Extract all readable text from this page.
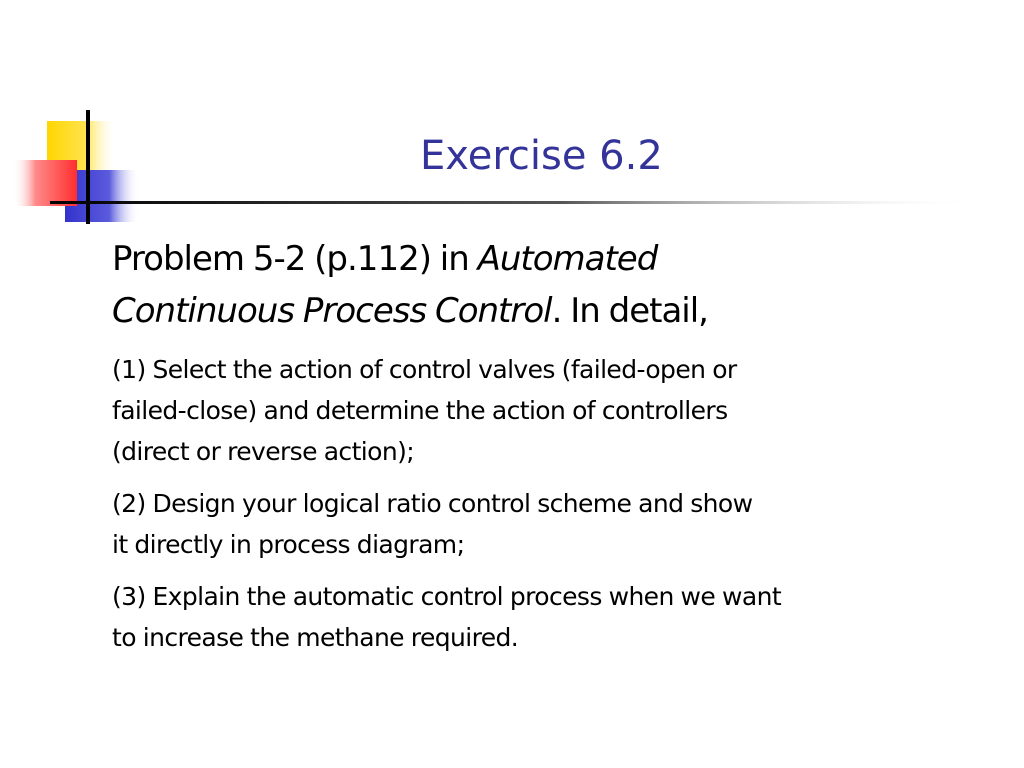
Exercise 6.2

Problem 5-2 (p.112) in Automated
Continuous Process Control. In detail,

(1) Select the action of control valves (failed-open or
failed-close) and determine the action of controllers
(direct or reverse action);

(2) Design your logical ratio control scheme and show
it directly in process diagram;

(3) Explain the automatic control process when we want
to increase the methane required.
